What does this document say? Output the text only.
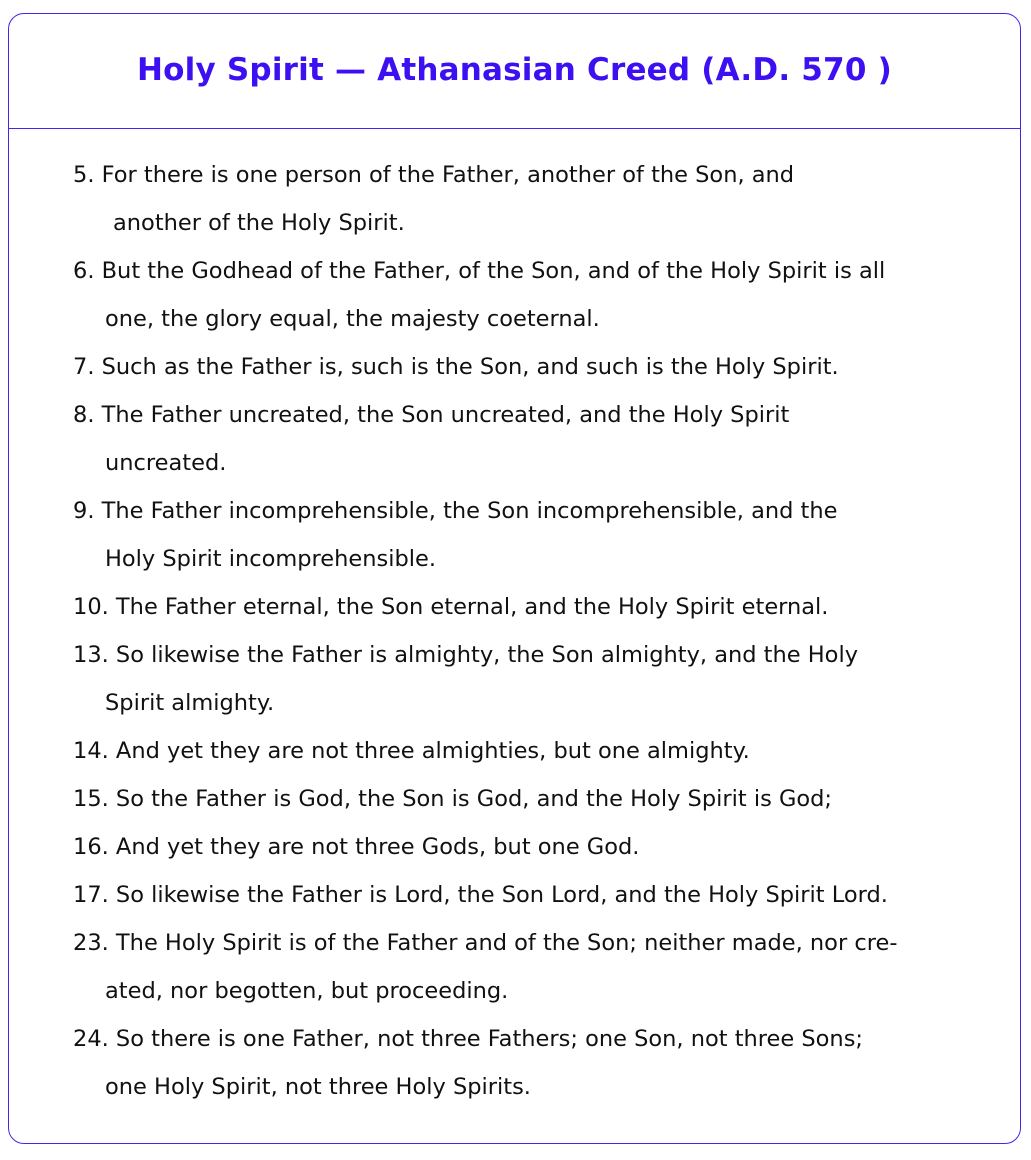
Holy Spirit — Athanasian Creed (A.D. 570 )
5. For there is one person of the Father, another of the Son, and
another of the Holy Spirit.
6. But the Godhead of the Father, of the Son, and of the Holy Spirit is all
one, the glory equal, the majesty coeternal.
7. Such as the Father is, such is the Son, and such is the Holy Spirit.
8. The Father uncreated, the Son uncreated, and the Holy Spirit
uncreated.
9. The Father incomprehensible, the Son incomprehensible, and the
Holy Spirit incomprehensible.
10. The Father eternal, the Son eternal, and the Holy Spirit eternal.
13. So likewise the Father is almighty, the Son almighty, and the Holy
Spirit almighty.
14. And yet they are not three almighties, but one almighty.
15. So the Father is God, the Son is God, and the Holy Spirit is God;
16. And yet they are not three Gods, but one God.
17. So likewise the Father is Lord, the Son Lord, and the Holy Spirit Lord.
23. The Holy Spirit is of the Father and of the Son; neither made, nor cre-
ated, nor begotten, but proceeding.
24. So there is one Father, not three Fathers; one Son, not three Sons;
one Holy Spirit, not three Holy Spirits.
